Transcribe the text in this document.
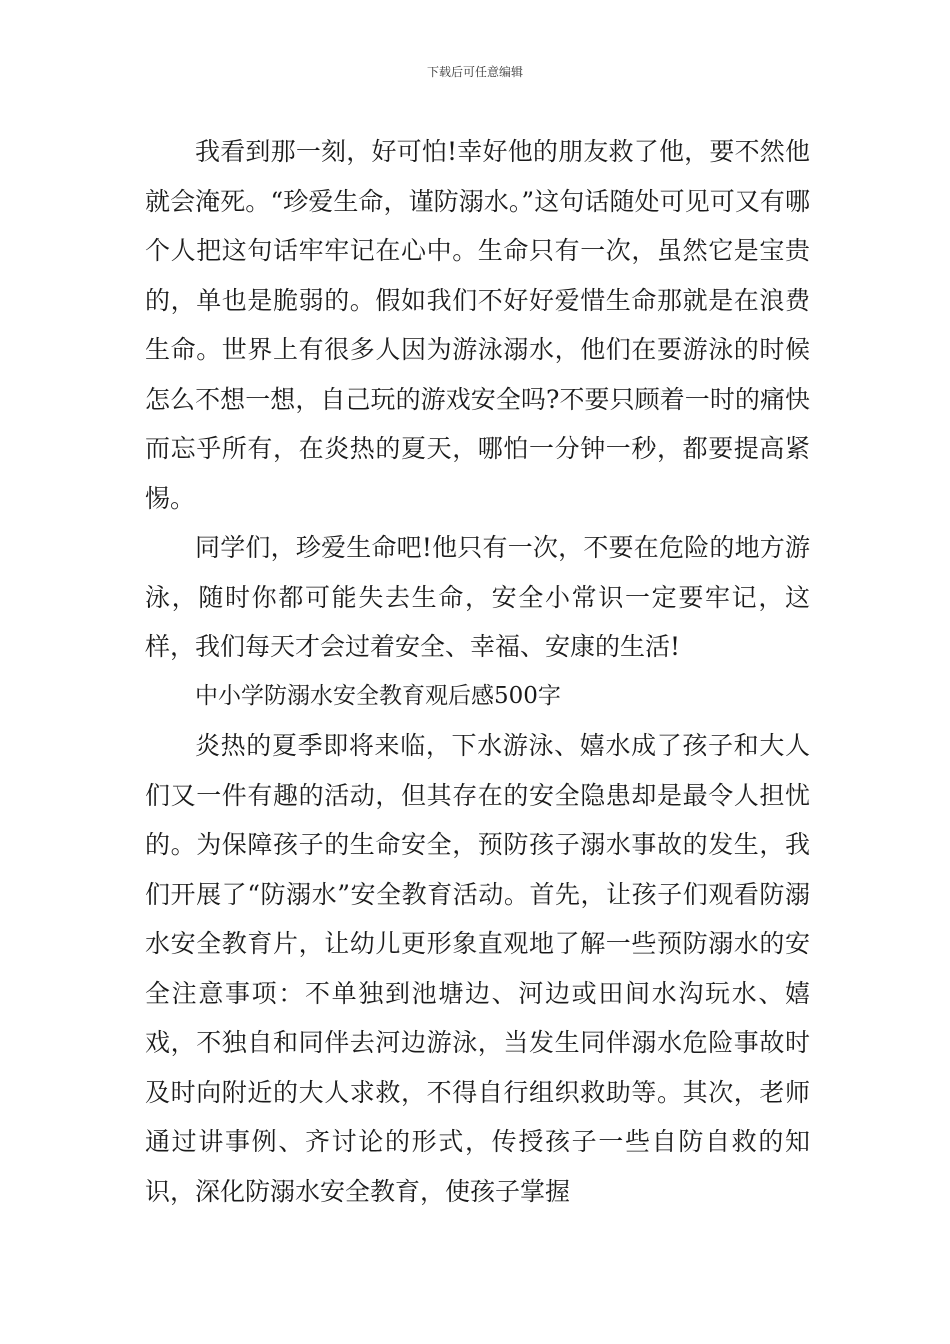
下载后可任意编辑

我看到那一刻，好可怕!幸好他的朋友救了他，要不然他就会淹死。“珍爱生命，谨防溺水。”这句话随处可见可又有哪个人把这句话牢牢记在心中。生命只有一次，虽然它是宝贵的，单也是脆弱的。假如我们不好好爱惜生命那就是在浪费生命。世界上有很多人因为游泳溺水，他们在要游泳的时候怎么不想一想，自己玩的游戏安全吗?不要只顾着一时的痛快而忘乎所有，在炎热的夏天，哪怕一分钟一秒，都要提高紧惕。

同学们，珍爱生命吧!他只有一次，不要在危险的地方游泳，随时你都可能失去生命，安全小常识一定要牢记，这样，我们每天才会过着安全、幸福、安康的生活!

中小学防溺水安全教育观后感500字

炎热的夏季即将来临，下水游泳、嬉水成了孩子和大人们又一件有趣的活动，但其存在的安全隐患却是最令人担忧的。为保障孩子的生命安全，预防孩子溺水事故的发生，我们开展了“防溺水”安全教育活动。首先，让孩子们观看防溺水安全教育片，让幼儿更形象直观地了解一些预防溺水的安全注意事项：不单独到池塘边、河边或田间水沟玩水、嬉戏，不独自和同伴去河边游泳，当发生同伴溺水危险事故时及时向附近的大人求救，不得自行组织救助等。其次，老师通过讲事例、齐讨论的形式，传授孩子一些自防自救的知识，深化防溺水安全教育，使孩子掌握
